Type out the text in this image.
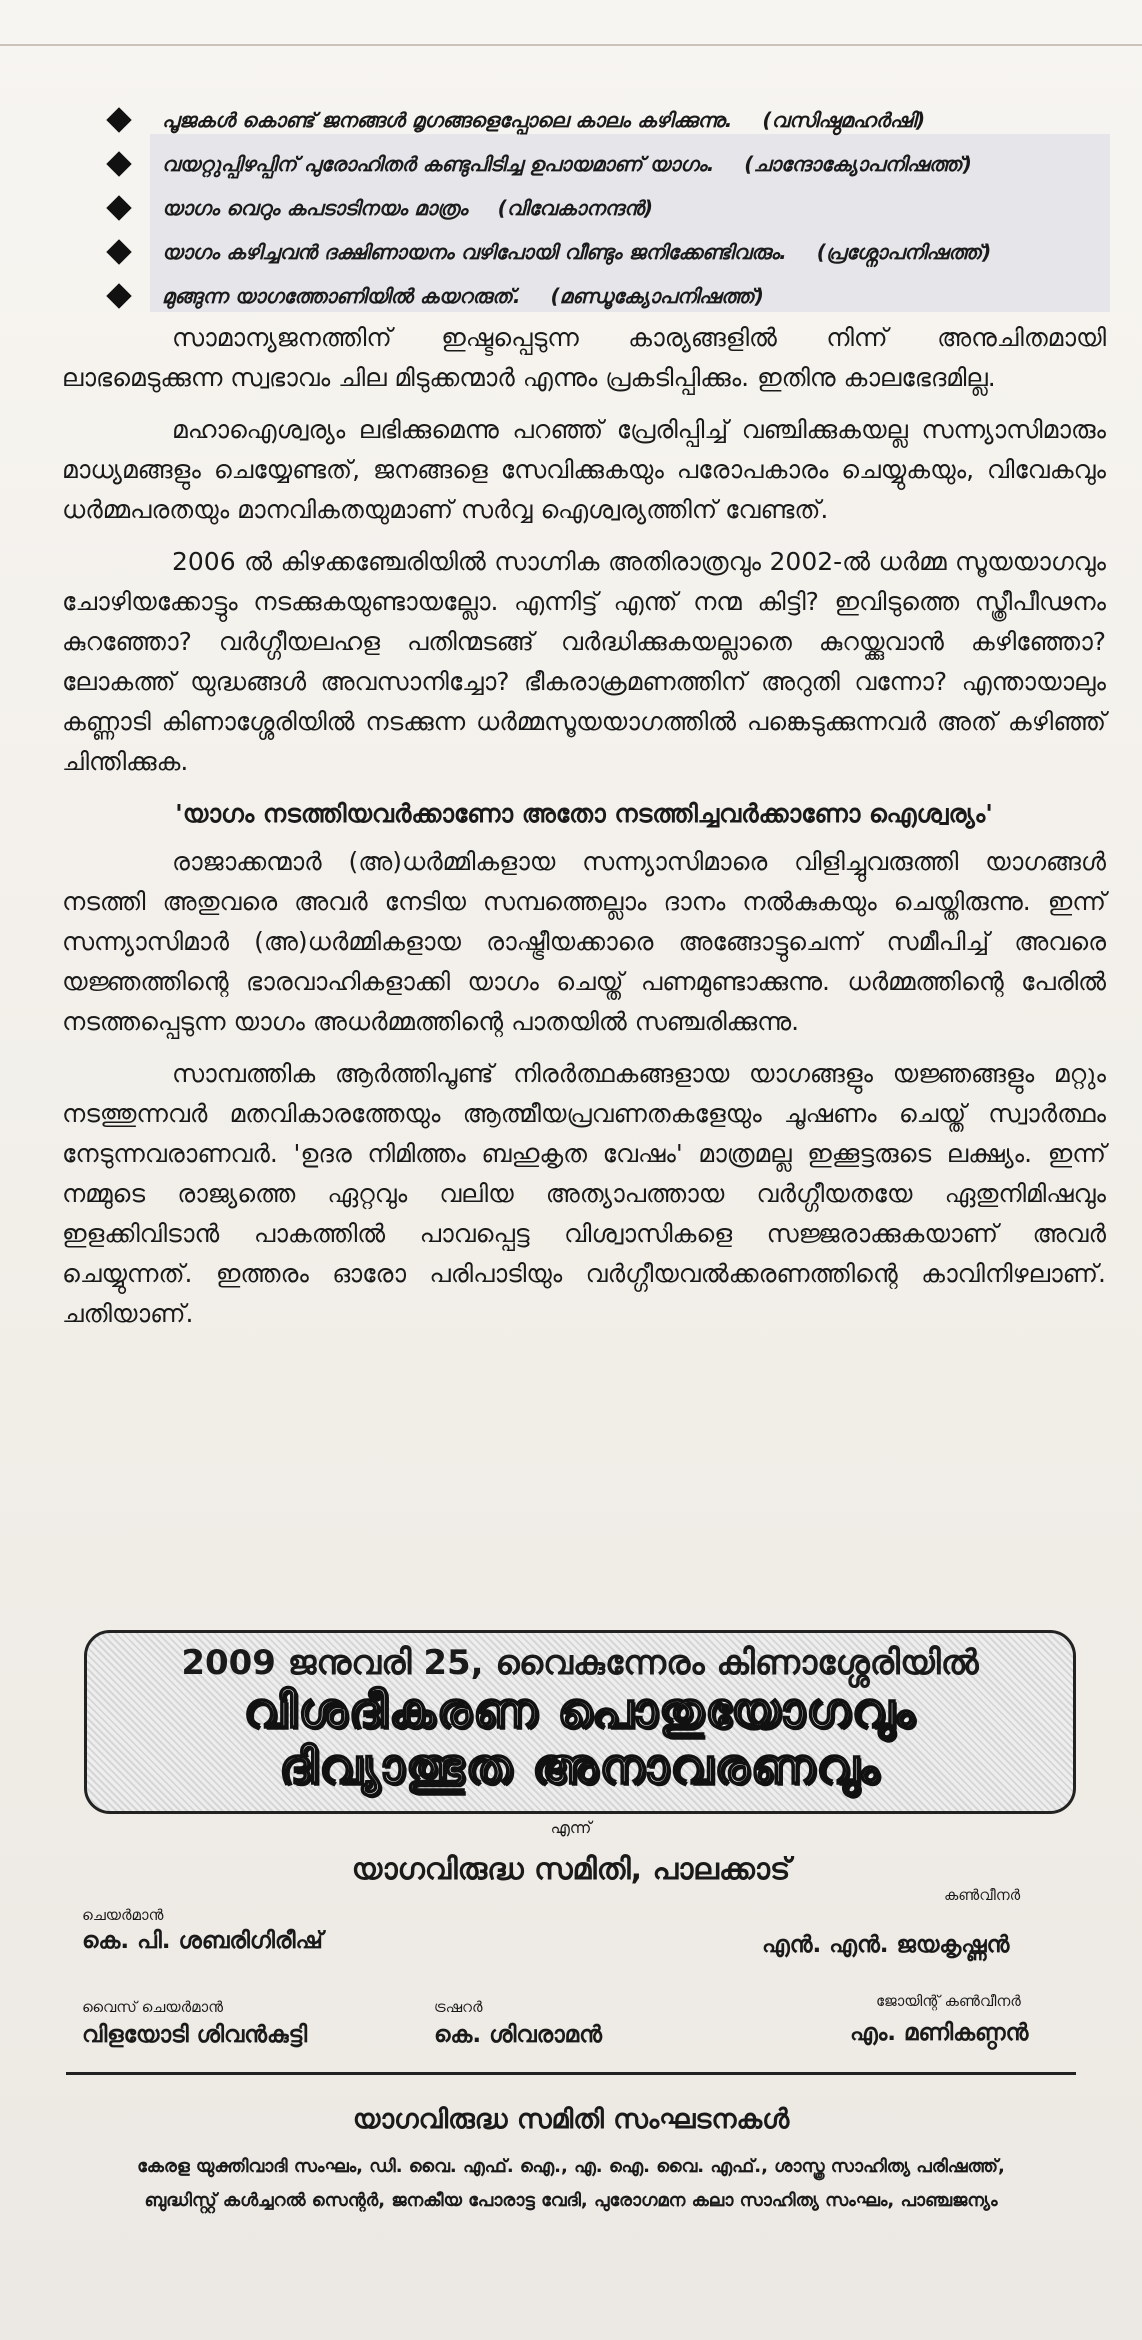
പൂജകൾ കൊണ്ട് ജനങ്ങൾ മൃഗങ്ങളെപ്പോലെ കാലം കഴിക്കുന്നു. (വസിഷ്ഠമഹർഷി)
വയറ്റുപ്പിഴപ്പിന് പുരോഹിതർ കണ്ടുപിടിച്ച ഉപായമാണ് യാഗം. (ചാന്ദോക്യോപനിഷത്ത്)
യാഗം വെറും കപടാടിനയം മാത്രം (വിവേകാനന്ദൻ)
യാഗം കഴിച്ചവൻ ദക്ഷിണായനം വഴിപോയി വീണ്ടും ജനിക്കേണ്ടിവരും. (പ്രശ്നോപനിഷത്ത്)
മുങ്ങുന്ന യാഗത്തോണിയിൽ കയറരുത്. (മണ്ഡൂക്യോപനിഷത്ത്)

സാമാന്യജനത്തിന് ഇഷ്ടപ്പെടുന്ന കാര്യങ്ങളിൽ നിന്ന് അനുചിതമായി ലാഭമെടുക്കുന്ന സ്വഭാവം ചില മിടുക്കന്മാർ എന്നും പ്രകടിപ്പിക്കും. ഇതിനു കാലഭേദമില്ല.

മഹാഐശ്വര്യം ലഭിക്കുമെന്നു പറഞ്ഞ് പ്രേരിപ്പിച്ച് വഞ്ചിക്കുകയല്ല സന്ന്യാസിമാരും മാധ്യമങ്ങളും ചെയ്യേണ്ടത്, ജനങ്ങളെ സേവിക്കുകയും പരോപകാരം ചെയ്യുകയും, വിവേകവും ധർമ്മപരതയും മാനവികതയുമാണ് സർവ്വ ഐശ്വര്യത്തിന് വേണ്ടത്.

2006 ൽ കിഴക്കഞ്ചേരിയിൽ സാഗ്നിക അതിരാത്രവും 2002-ൽ ധർമ്മ സൂയയാഗവും ചോഴിയക്കോട്ടും നടക്കുകയുണ്ടായല്ലോ. എന്നിട്ട് എന്ത് നന്മ കിട്ടി? ഇവിടുത്തെ സ്ത്രീപീഢനം കുറഞ്ഞോ? വർഗ്ഗീയലഹള പതിന്മടങ്ങ് വർദ്ധിക്കുകയല്ലാതെ കുറയ്ക്കുവാൻ കഴിഞ്ഞോ? ലോകത്ത് യുദ്ധങ്ങൾ അവസാനിച്ചോ? ഭീകരാക്രമണത്തിന് അറുതി വന്നോ? എന്തായാലും കണ്ണാടി കിണാശ്ശേരിയിൽ നടക്കുന്ന ധർമ്മസൂയയാഗത്തിൽ പങ്കെടുക്കുന്നവർ അത് കഴിഞ്ഞ് ചിന്തിക്കുക.

'യാഗം നടത്തിയവർക്കാണോ അതോ നടത്തിച്ചവർക്കാണോ ഐശ്വര്യം'

രാജാക്കന്മാർ (അ)ധർമ്മികളായ സന്ന്യാസിമാരെ വിളിച്ചുവരുത്തി യാഗങ്ങൾ നടത്തി അതുവരെ അവർ നേടിയ സമ്പത്തെല്ലാം ദാനം നൽകുകയും ചെയ്തിരുന്നു. ഇന്ന് സന്ന്യാസിമാർ (അ)ധർമ്മികളായ രാഷ്ട്രീയക്കാരെ അങ്ങോട്ടുചെന്ന് സമീപിച്ച് അവരെ യജ്ഞത്തിന്റെ ഭാരവാഹികളാക്കി യാഗം ചെയ്ത് പണമുണ്ടാക്കുന്നു. ധർമ്മത്തിന്റെ പേരിൽ നടത്തപ്പെടുന്ന യാഗം അധർമ്മത്തിന്റെ പാതയിൽ സഞ്ചരിക്കുന്നു.

സാമ്പത്തിക ആർത്തിപൂണ്ട് നിരർത്ഥകങ്ങളായ യാഗങ്ങളും യജ്ഞങ്ങളും മറ്റും നടത്തുന്നവർ മതവികാരത്തേയും ആത്മീയപ്രവണതകളേയും ചൂഷണം ചെയ്ത് സ്വാർത്ഥം നേടുന്നവരാണവർ. 'ഉദര നിമിത്തം ബഹുകൃത വേഷം' മാത്രമല്ല ഇക്കൂട്ടരുടെ ലക്ഷ്യം. ഇന്ന് നമ്മുടെ രാജ്യത്തെ ഏറ്റവും വലിയ അത്യാപത്തായ വർഗ്ഗീയതയേ ഏതുനിമിഷവും ഇളക്കിവിടാൻ പാകത്തിൽ പാവപ്പെട്ട വിശ്വാസികളെ സജ്ജരാക്കുകയാണ് അവർ ചെയ്യുന്നത്. ഇത്തരം ഓരോ പരിപാടിയും വർഗ്ഗീയവൽക്കരണത്തിന്റെ കാവിനിഴലാണ്. ചതിയാണ്.

2009 ജനുവരി 25, വൈകുന്നേരം കിണാശ്ശേരിയിൽ
വിശദീകരണ പൊതുയോഗവും
ദിവ്യാത്ഭുത അനാവരണവും
എന്ന്
യാഗവിരുദ്ധ സമിതി, പാലക്കാട്
ചെയർമാൻ
കെ. പി. ശബരിഗിരീഷ്
കൺവീനർ
എൻ. എൻ. ജയകൃഷ്ണൻ
വൈസ് ചെയർമാൻ
വിളയോടി ശിവൻകുട്ടി
ട്രഷറർ
കെ. ശിവരാമൻ
ജോയിന്റ് കൺവീനർ
എം. മണികണ്ഠൻ
യാഗവിരുദ്ധ സമിതി സംഘടനകൾ
കേരള യുക്തിവാദി സംഘം, ഡി. വൈ. എഫ്. ഐ., എ. ഐ. വൈ. എഫ്., ശാസ്ത്ര സാഹിത്യ പരിഷത്ത്,
ബുദ്ധിസ്റ്റ് കൾച്ചറൽ സെന്റർ, ജനകീയ പോരാട്ട വേദി, പുരോഗമന കലാ സാഹിത്യ സംഘം, പാഞ്ചജന്യം
